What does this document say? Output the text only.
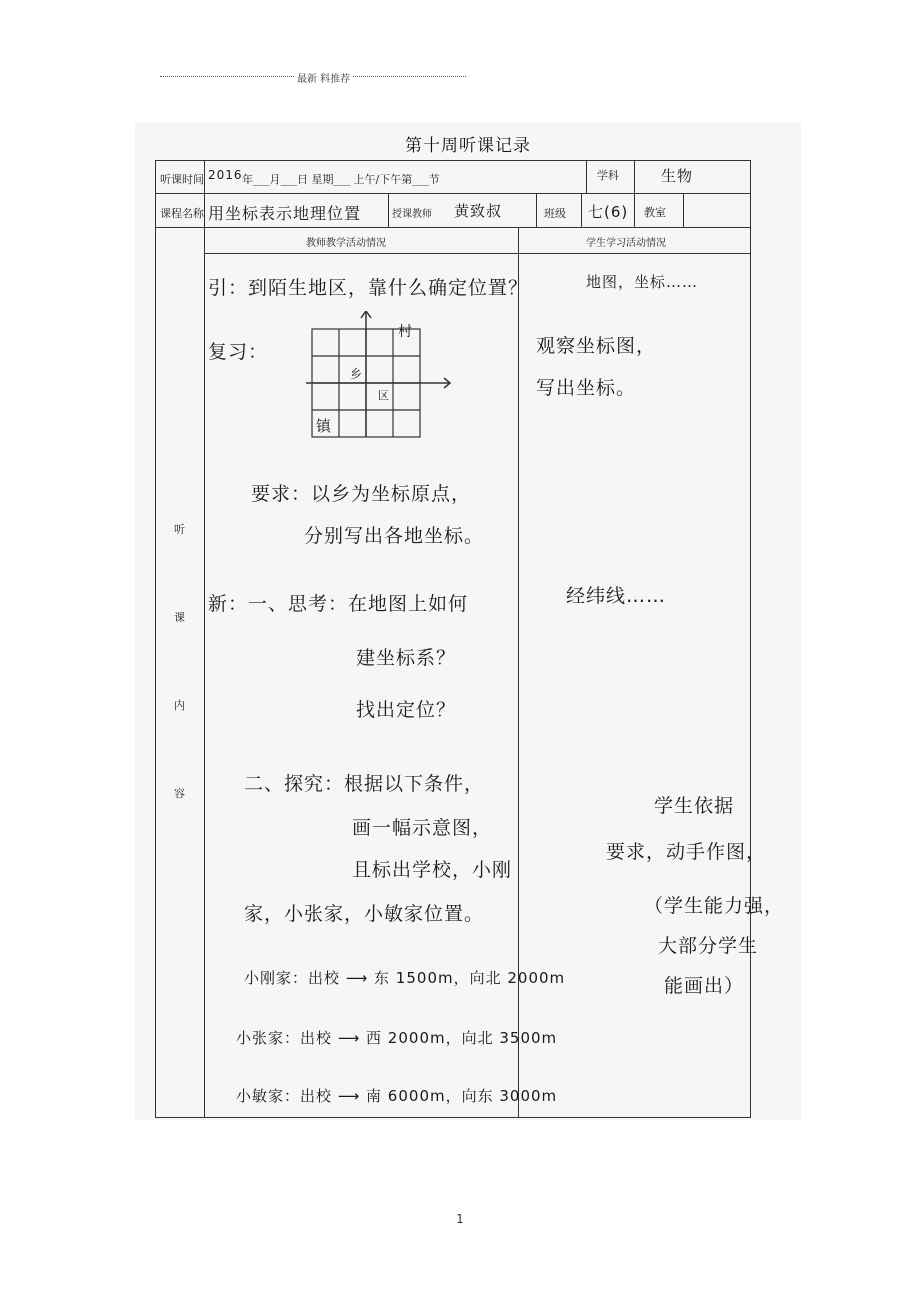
最新 料推荐
第十周听课记录
听课时间 2016 年___月___日 星期___ 上午/下午第___节	学科	生物
课程名称 用坐标表示地理位置	授课教师 黄致叔	班级 七(6) 教室
教师教学活动情况	学生学习活动情况
听
课
内
容
引：到陌生地区，靠什么确定位置？
复习：
村
乡
区
镇
要求：以乡为坐标原点，
分别写出各地坐标。
新：一、思考：在地图上如何
建坐标系？
找出定位？
二、探究：根据以下条件，
画一幅示意图，
且标出学校，小刚
家，小张家，小敏家位置。
小刚家：出校 ⟶ 东 1500m，向北 2000m
小张家：出校 ⟶ 西 2000m，向北 3500m
小敏家：出校 ⟶ 南 6000m，向东 3000m
地图，坐标……
观察坐标图，
写出坐标。
经纬线……
学生依据
要求，动手作图，
（学生能力强，
大部分学生
能画出）
1
